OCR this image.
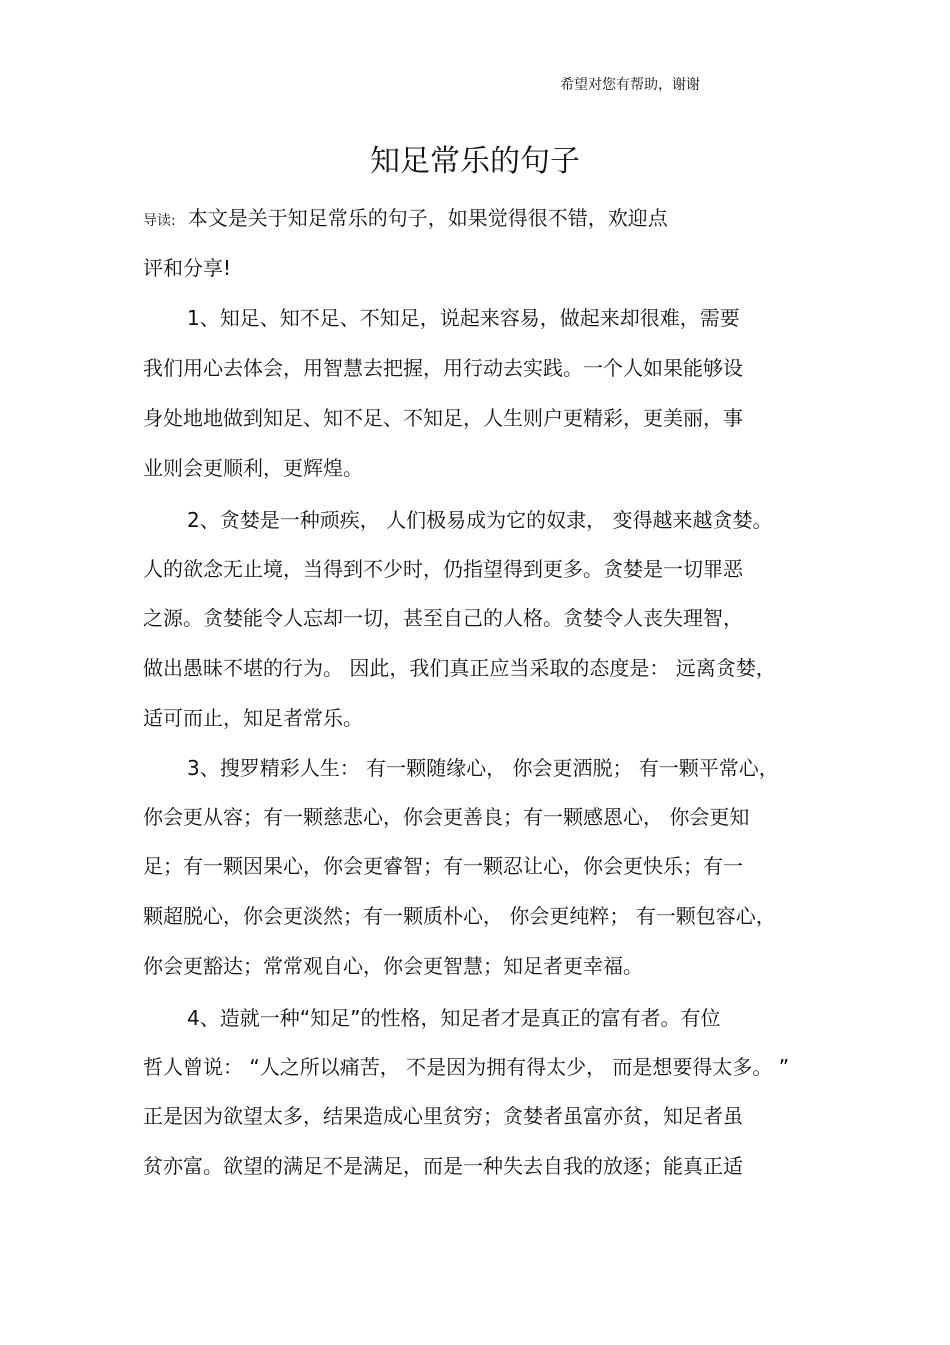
希望对您有帮助，谢谢
知足常乐的句子
导读: 本文是关于知足常乐的句子，如果觉得很不错，欢迎点
评和分享!
1、知足、知不足、不知足，说起来容易，做起来却很难，需要
我们用心去体会，用智慧去把握，用行动去实践。一个人如果能够设
身处地地做到知足、知不足、不知足，人生则户更精彩，更美丽，事
业则会更顺利，更辉煌。
2、贪婪是一种顽疾， 人们极易成为它的奴隶， 变得越来越贪婪。
人的欲念无止境，当得到不少时，仍指望得到更多。贪婪是一切罪恶
之源。贪婪能令人忘却一切，甚至自己的人格。贪婪令人丧失理智，
做出愚昧不堪的行为。 因此，我们真正应当采取的态度是： 远离贪婪，
适可而止，知足者常乐。
3、搜罗精彩人生： 有一颗随缘心， 你会更洒脱； 有一颗平常心，
你会更从容；有一颗慈悲心，你会更善良；有一颗感恩心， 你会更知
足；有一颗因果心，你会更睿智；有一颗忍让心，你会更快乐；有一
颗超脱心，你会更淡然；有一颗质朴心， 你会更纯粹； 有一颗包容心，
你会更豁达；常常观自心，你会更智慧；知足者更幸福。
4、造就一种“知足”的性格，知足者才是真正的富有者。有位
哲人曾说： “人之所以痛苦， 不是因为拥有得太少， 而是想要得太多。 ”
正是因为欲望太多，结果造成心里贫穷；贪婪者虽富亦贫，知足者虽
贫亦富。欲望的满足不是满足，而是一种失去自我的放逐；能真正适
